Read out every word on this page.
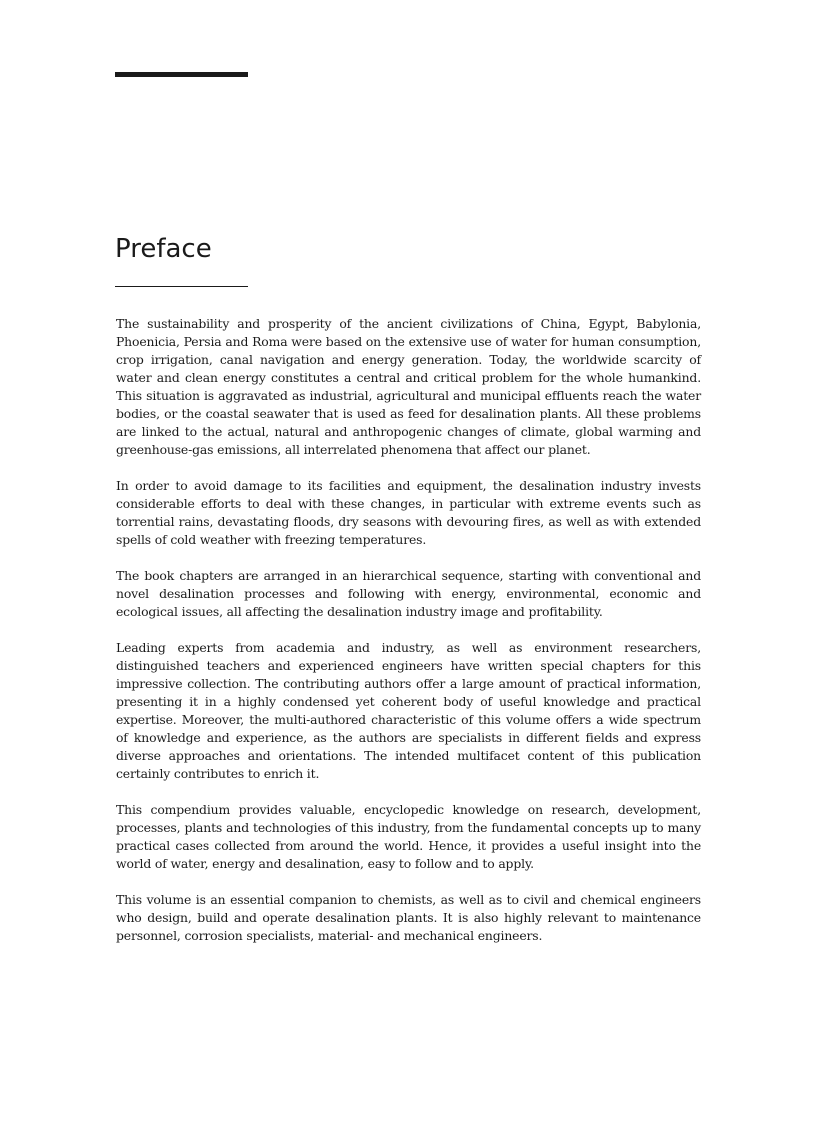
Preface

The sustainability and prosperity of the ancient civilizations of China, Egypt, Babylonia, Phoenicia, Persia and Roma were based on the extensive use of water for human consumption, crop irrigation, canal navigation and energy generation. Today, the worldwide scarcity of water and clean energy constitutes a central and critical problem for the whole humankind. This situation is aggravated as industrial, agricultural and municipal effluents reach the water bodies, or the coastal seawater that is used as feed for desalination plants. All these problems are linked to the actual, natural and anthropogenic changes of climate, global warming and greenhouse-gas emissions, all interrelated phenomena that affect our planet.

In order to avoid damage to its facilities and equipment, the desalination industry invests considerable efforts to deal with these changes, in particular with extreme events such as torrential rains, devastating floods, dry seasons with devouring fires, as well as with extended spells of cold weather with freezing temperatures.

The book chapters are arranged in an hierarchical sequence, starting with conventional and novel desalination processes and following with energy, environmental, economic and ecological issues, all affecting the desalination industry image and profitability.

Leading experts from academia and industry, as well as environment researchers, distinguished teachers and experienced engineers have written special chapters for this impressive collection. The contributing authors offer a large amount of practical information, presenting it in a highly condensed yet coherent body of useful knowledge and practical expertise. Moreover, the multi-authored characteristic of this volume offers a wide spectrum of knowledge and experience, as the authors are specialists in different fields and express diverse approaches and orientations. The intended multifacet content of this publication certainly contributes to enrich it.

This compendium provides valuable, encyclopedic knowledge on research, development, processes, plants and technologies of this industry, from the fundamental concepts up to many practical cases collected from around the world. Hence, it provides a useful insight into the world of water, energy and desalination, easy to follow and to apply.

This volume is an essential companion to chemists, as well as to civil and chemical engineers who design, build and operate desalination plants. It is also highly relevant to maintenance personnel, corrosion specialists, material- and mechanical engineers.
